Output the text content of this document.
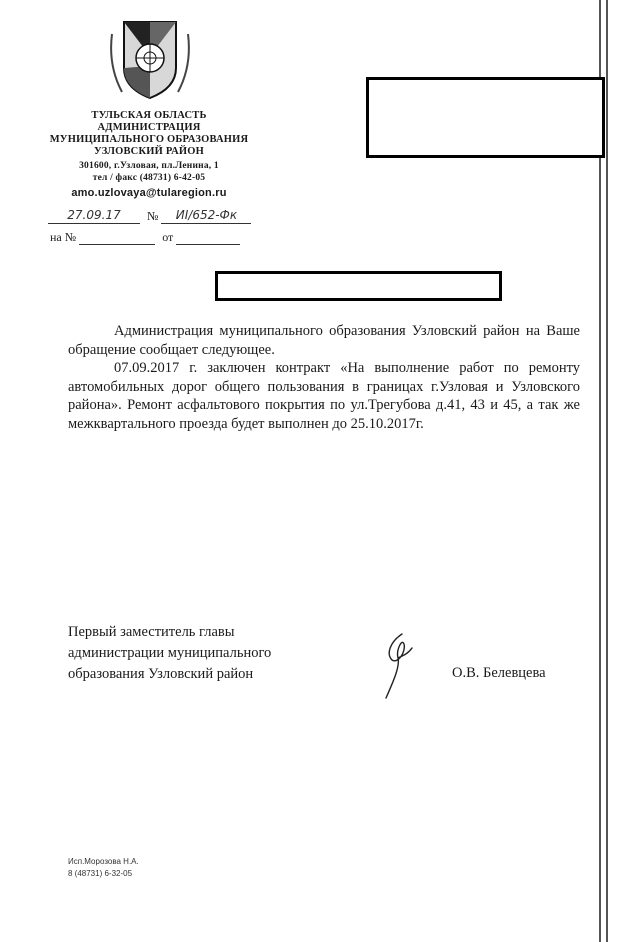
ТУЛЬСКАЯ ОБЛАСТЬ
АДМИНИСТРАЦИЯ
МУНИЦИПАЛЬНОГО ОБРАЗОВАНИЯ
УЗЛОВСКИЙ РАЙОН
301600, г.Узловая, пл.Ленина, 1
тел / факс (48731) 6-42-05
amo.uzlovaya@tularegion.ru
27.09.17 № ИI/652-Фк
на №	от

Администрация муниципального образования Узловский район на Ваше обращение сообщает следующее.

07.09.2017 г. заключен контракт «На выполнение работ по ремонту автомобильных дорог общего пользования в границах г.Узловая и Узловского района». Ремонт асфальтового покрытия по ул.Трегубова д.41, 43 и 45, а так же межквартального проезда будет выполнен до 25.10.2017г.

Первый заместитель главы
администрации муниципального
образования Узловский район	О.В. Белевцева
Исп.Морозова Н.А.
8 (48731) 6-32-05
